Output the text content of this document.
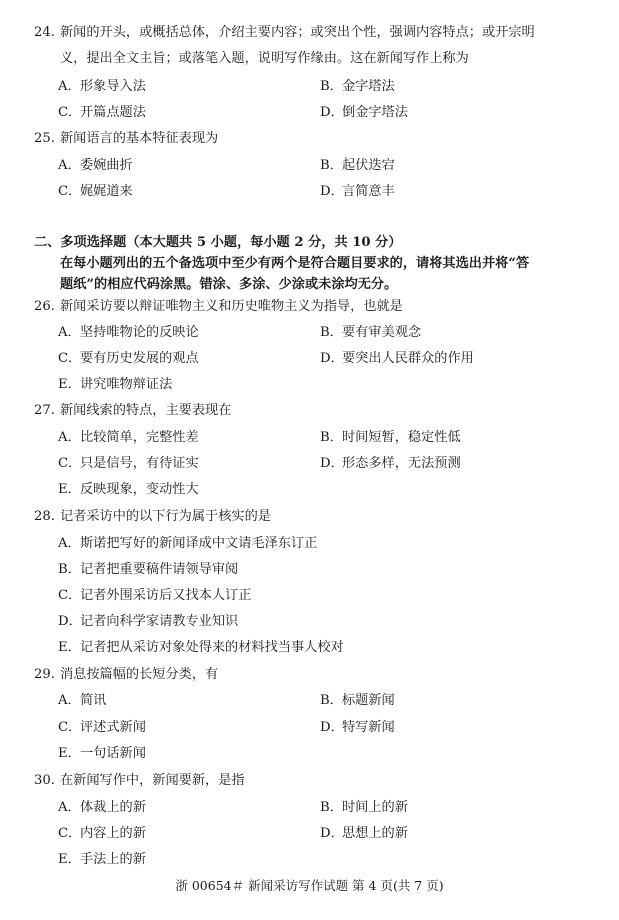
24. 新闻的开头，或概括总体，介绍主要内容；或突出个性，强调内容特点；或开宗明
义，提出全文主旨；或落笔入题，说明写作缘由。这在新闻写作上称为
A．形象导入法	B．金字塔法
C．开篇点题法	D．倒金字塔法
25. 新闻语言的基本特征表现为
A．委婉曲折	B．起伏迭宕
C．娓娓道来	D．言简意丰
二、多项选择题（本大题共 5 小题，每小题 2 分，共 10 分）
在每小题列出的五个备选项中至少有两个是符合题目要求的，请将其选出并将“答
题纸”的相应代码涂黑。错涂、多涂、少涂或未涂均无分。
26. 新闻采访要以辩证唯物主义和历史唯物主义为指导，也就是
A．坚持唯物论的反映论	B．要有审美观念
C．要有历史发展的观点	D．要突出人民群众的作用
E．讲究唯物辩证法
27. 新闻线索的特点，主要表现在
A．比较简单，完整性差	B．时间短暂，稳定性低
C．只是信号，有待证实	D．形态多样，无法预测
E．反映现象，变动性大
28. 记者采访中的以下行为属于核实的是
A．斯诺把写好的新闻译成中文请毛泽东订正
B．记者把重要稿件请领导审阅
C．记者外围采访后又找本人订正
D．记者向科学家请教专业知识
E．记者把从采访对象处得来的材料找当事人校对
29. 消息按篇幅的长短分类，有
A．简讯	B．标题新闻
C．评述式新闻	D．特写新闻
E．一句话新闻
30. 在新闻写作中，新闻要新，是指
A．体裁上的新	B．时间上的新
C．内容上的新	D．思想上的新
E．手法上的新
浙 00654＃ 新闻采访写作试题 第 4 页(共 7 页)
